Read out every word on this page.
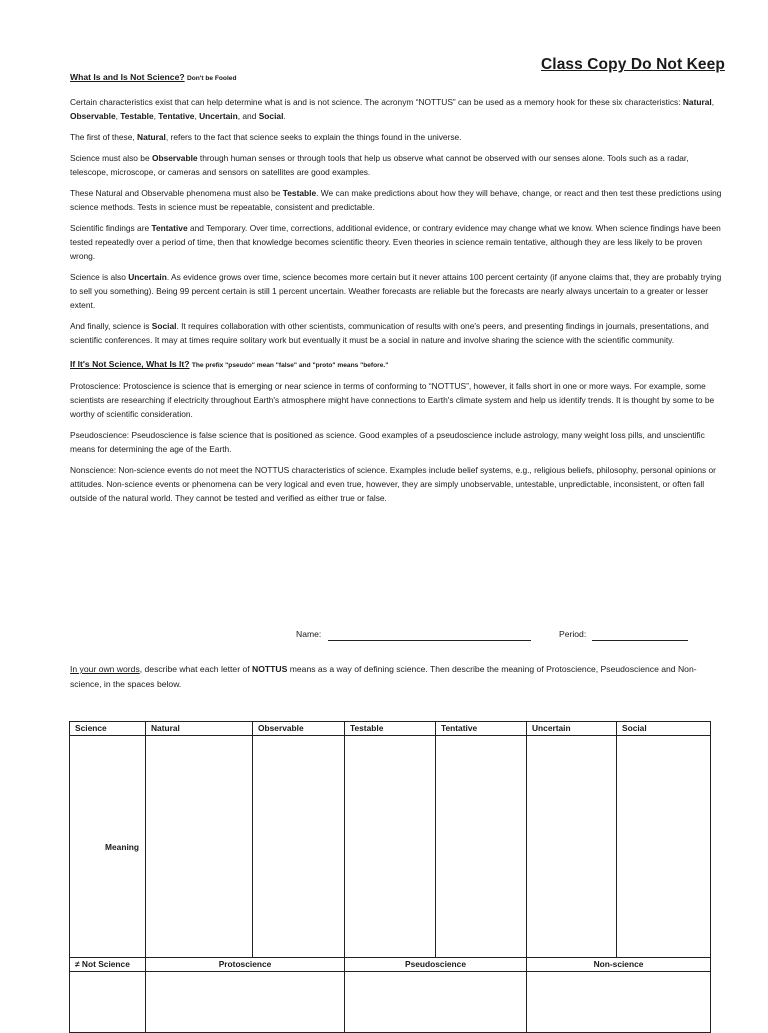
Class Copy Do Not Keep

What Is and Is Not Science? Don't be Fooled

Certain characteristics exist that can help determine what is and is not science. The acronym “NOTTUS” can be used as a memory hook for these six characteristics: Natural, Observable, Testable, Tentative, Uncertain, and Social.

The first of these, Natural, refers to the fact that science seeks to explain the things found in the universe.

Science must also be Observable through human senses or through tools that help us observe what cannot be observed with our senses alone. Tools such as a radar, telescope, microscope, or cameras and sensors on satellites are good examples.

These Natural and Observable phenomena must also be Testable. We can make predictions about how they will behave, change, or react and then test these predictions using science methods. Tests in science must be repeatable, consistent and predictable.

Scientific findings are Tentative and Temporary. Over time, corrections, additional evidence, or contrary evidence may change what we know. When science findings have been tested repeatedly over a period of time, then that knowledge becomes scientific theory. Even theories in science remain tentative, although they are less likely to be proven wrong.

Science is also Uncertain. As evidence grows over time, science becomes more certain but it never attains 100 percent certainty (if anyone claims that, they are probably trying to sell you something). Being 99 percent certain is still 1 percent uncertain. Weather forecasts are reliable but the forecasts are nearly always uncertain to a greater or lesser extent.

And finally, science is Social. It requires collaboration with other scientists, communication of results with one's peers, and presenting findings in journals, presentations, and scientific conferences. It may at times require solitary work but eventually it must be a social in nature and involve sharing the science with the scientific community.

If It's Not Science, What Is It? The prefix "pseudo" mean "false" and "proto" means "before."

Protoscience: Protoscience is science that is emerging or near science in terms of conforming to “NOTTUS”, however, it falls short in one or more ways. For example, some scientists are researching if electricity throughout Earth's atmosphere might have connections to Earth's climate system and help us identify trends. It is thought by some to be worthy of scientific consideration.

Pseudoscience: Pseudoscience is false science that is positioned as science. Good examples of a pseudoscience include astrology, many weight loss pills, and unscientific means for determining the age of the Earth.

Nonscience: Non-science events do not meet the NOTTUS characteristics of science. Examples include belief systems, e.g., religious beliefs, philosophy, personal opinions or attitudes. Non-science events or phenomena can be very logical and even true, however, they are simply unobservable, untestable, unpredictable, inconsistent, or often fall outside of the natural world. They cannot be tested and verified as either true or false.

Name:	Period:
In your own words, describe what each letter of NOTTUS means as a way of defining science. Then describe the meaning of Protoscience, Pseudoscience and Non-science, in the spaces below.
Science	Natural	Observable	Testable	Tentative	Uncertain	Social
Meaning						
≠ Not Science	Protoscience		Pseudoscience		Non-science	
